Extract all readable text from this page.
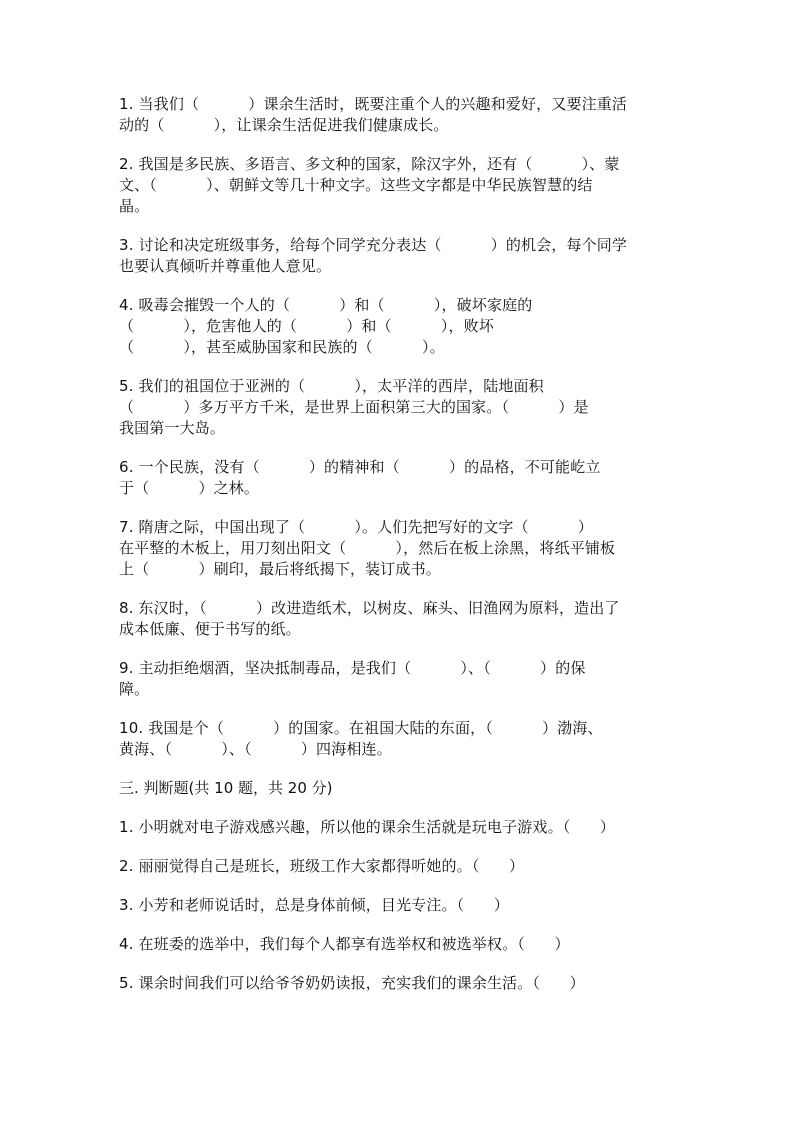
1. 当我们（          ）课余生活时，既要注重个人的兴趣和爱好，又要注重活
动的（          ），让课余生活促进我们健康成长。
2. 我国是多民族、多语言、多文种的国家，除汉字外，还有（          ）、蒙
文、（          ）、朝鲜文等几十种文字。这些文字都是中华民族智慧的结
晶。
3. 讨论和决定班级事务，给每个同学充分表达（          ）的机会，每个同学
也要认真倾听并尊重他人意见。
4. 吸毒会摧毁一个人的（          ）和（          ），破坏家庭的
（          ），危害他人的（          ）和（          ），败坏
（          ），甚至威胁国家和民族的（          ）。
5. 我们的祖国位于亚洲的（          ），太平洋的西岸，陆地面积
（          ）多万平方千米，是世界上面积第三大的国家。（          ）是
我国第一大岛。
6. 一个民族，没有（          ）的精神和（          ）的品格，不可能屹立
于（          ）之林。
7. 隋唐之际，中国出现了（          ）。人们先把写好的文字（          ）
在平整的木板上，用刀刻出阳文（          ），然后在板上涂黑，将纸平铺板
上（          ）刷印，最后将纸揭下，装订成书。
8. 东汉时，（          ）改进造纸术，以树皮、麻头、旧渔网为原料，造出了
成本低廉、便于书写的纸。
9. 主动拒绝烟酒，坚决抵制毒品，是我们（          ）、（          ）的保
障。
10. 我国是个（          ）的国家。在祖国大陆的东面，（          ）渤海、
黄海、（          ）、（          ）四海相连。
三. 判断题(共 10 题，共 20 分)
1. 小明就对电子游戏感兴趣，所以他的课余生活就是玩电子游戏。（      ）
2. 丽丽觉得自己是班长，班级工作大家都得听她的。（      ）
3. 小芳和老师说话时，总是身体前倾，目光专注。（      ）
4. 在班委的选举中，我们每个人都享有选举权和被选举权。（      ）
5. 课余时间我们可以给爷爷奶奶读报，充实我们的课余生活。（      ）
